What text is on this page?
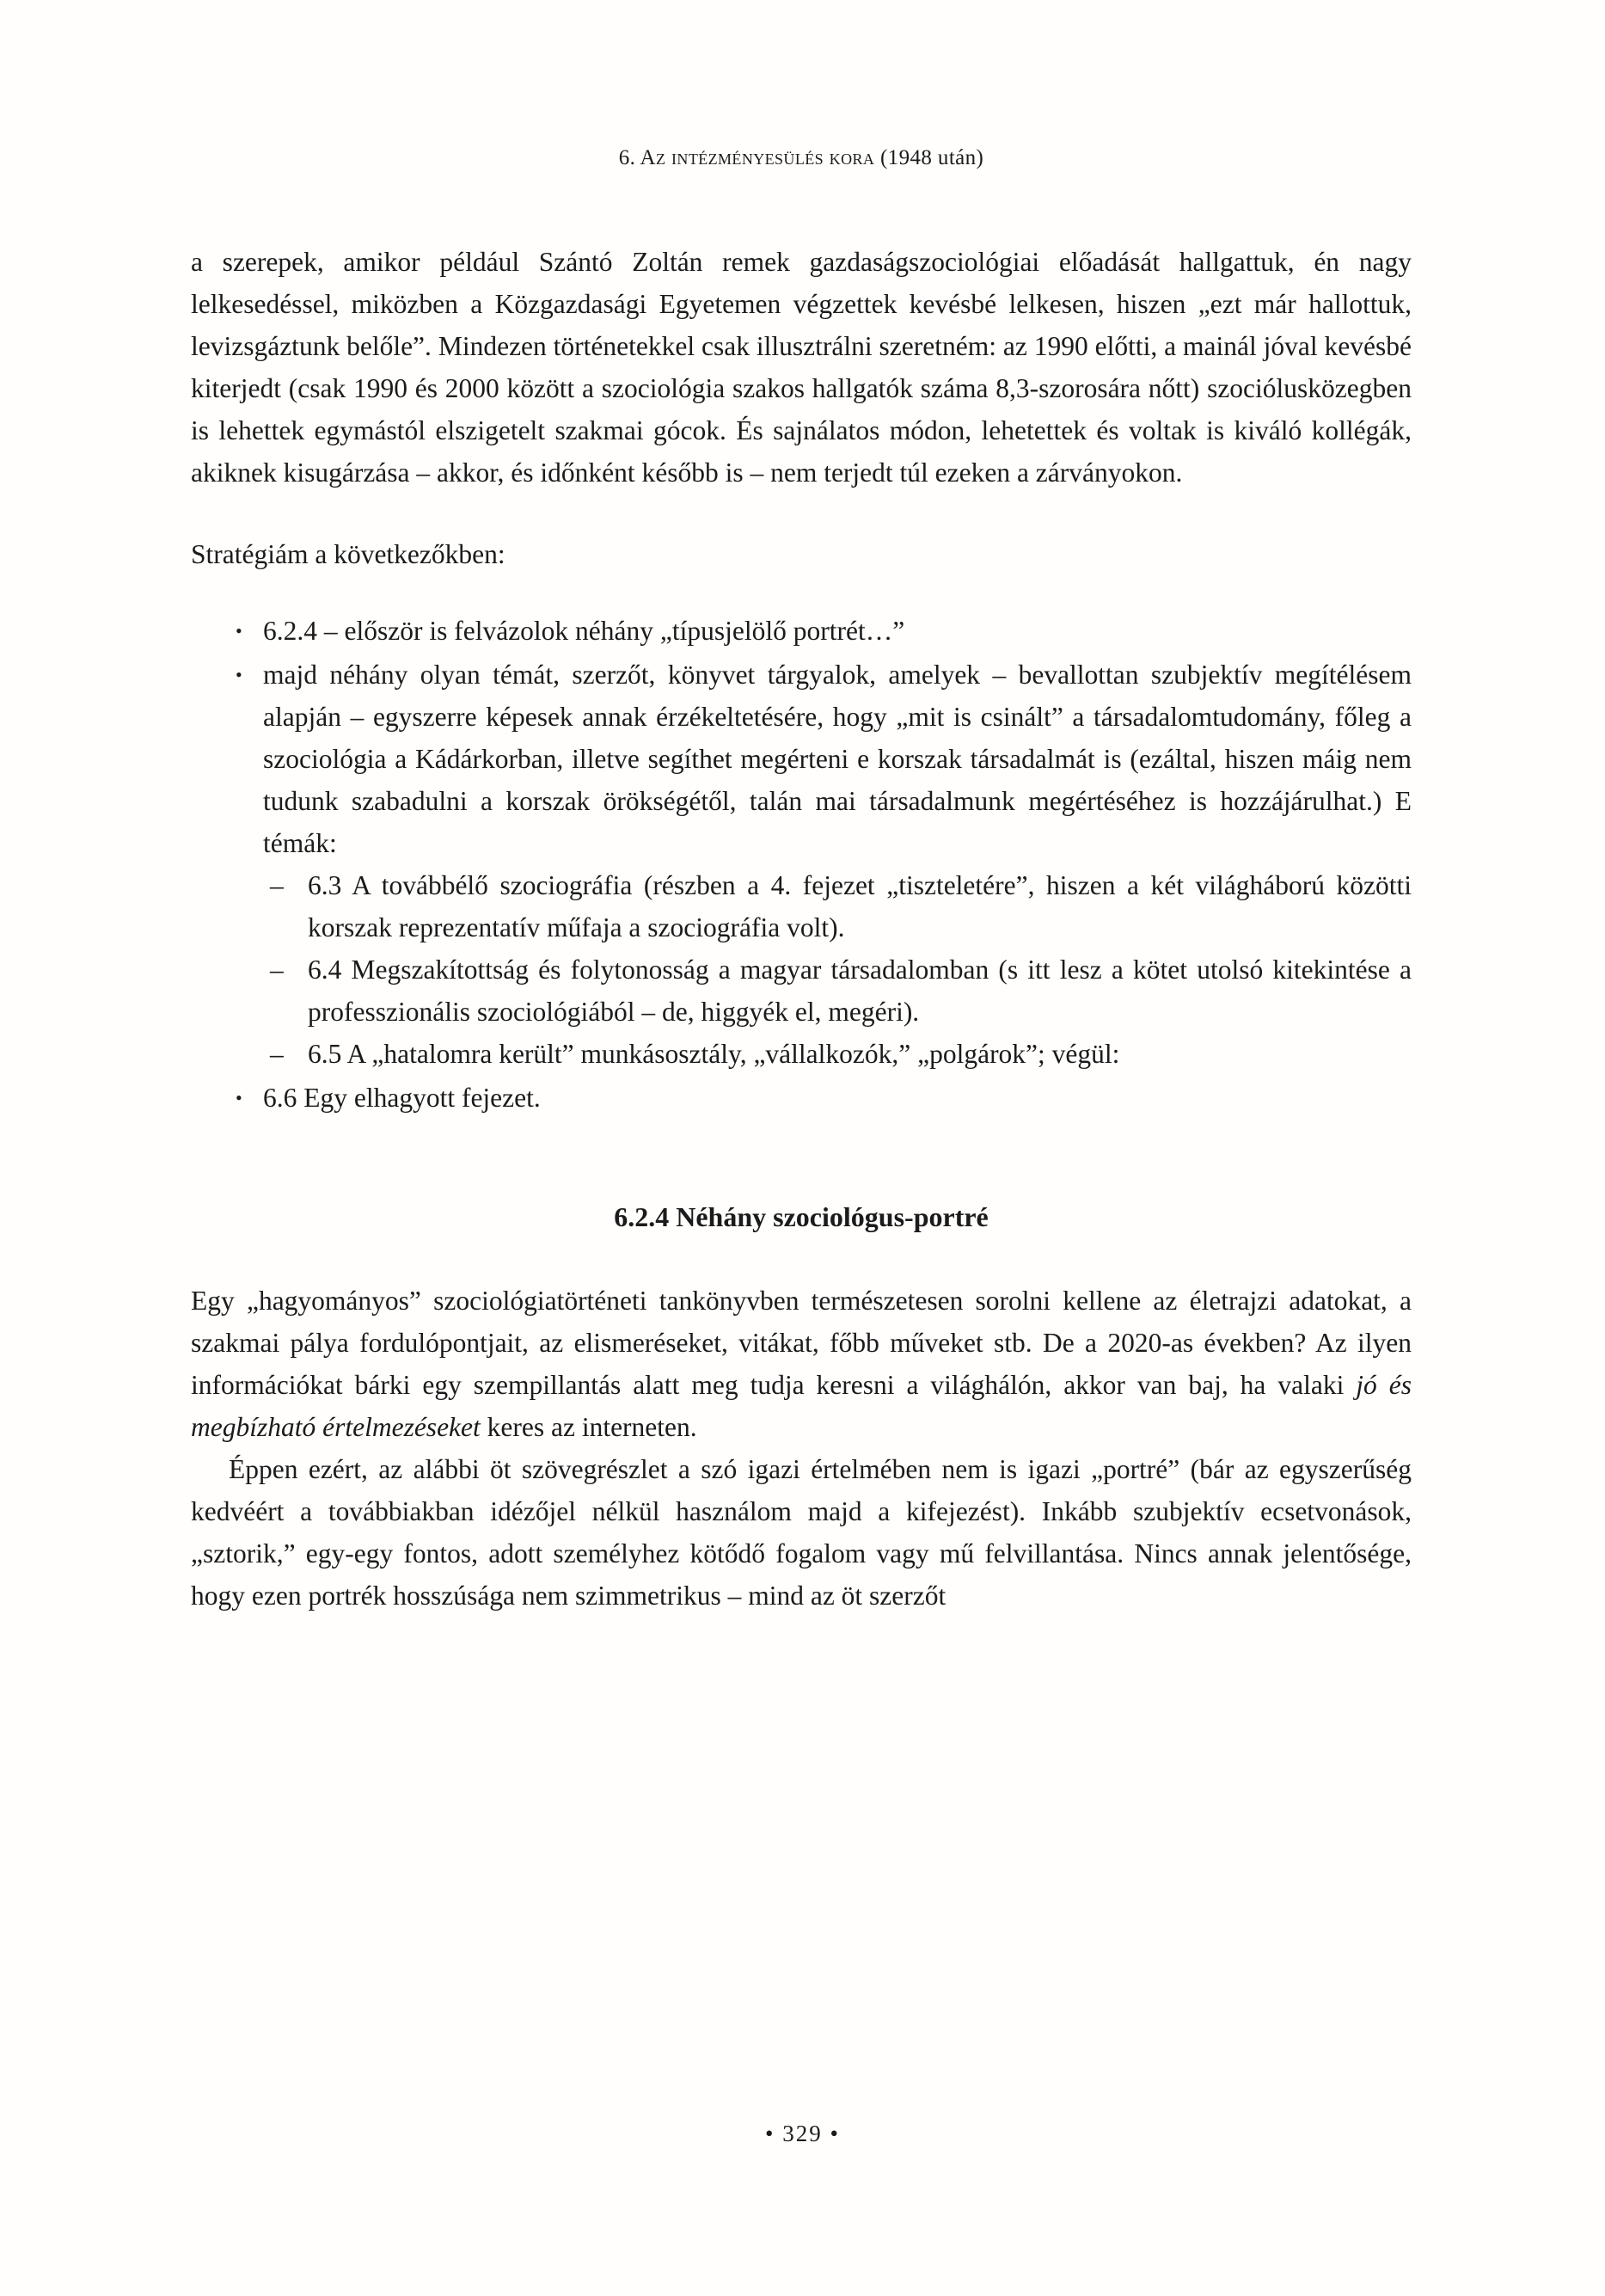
6. Az intézményesülés kora (1948 után)

a szerepek, amikor például Szántó Zoltán remek gazdaságszociológiai előadását hallgattuk, én nagy lelkesedéssel, miközben a Közgazdasági Egyetemen végzettek kevésbé lelkesen, hiszen „ezt már hallottuk, levizsgáztunk belőle”. Mindezen történetekkel csak illusztrálni szeretném: az 1990 előtti, a mainál jóval kevésbé kiterjedt (csak 1990 és 2000 között a szociológia szakos hallgatók száma 8,3-szorosára nőtt) szociólusközegben is lehettek egymástól elszigetelt szakmai gócok. És sajnálatos módon, lehetettek és voltak is kiváló kollégák, akiknek kisugárzása – akkor, és időnként később is – nem terjedt túl ezeken a zárványokon.

Stratégiám a következőkben:

• 6.2.4 – először is felvázolok néhány „típusjelölő portrét…”
• majd néhány olyan témát, szerzőt, könyvet tárgyalok, amelyek – bevallottan szubjektív megítélésem alapján – egyszerre képesek annak érzékeltetésére, hogy „mit is csinált” a társadalomtudomány, főleg a szociológia a Kádárkorban, illetve segíthet megérteni e korszak társadalmát is (ezáltal, hiszen máig nem tudunk szabadulni a korszak örökségétől, talán mai társadalmunk megértéséhez is hozzájárulhat.) E témák:
– 6.3 A továbbélő szociográfia (részben a 4. fejezet „tiszteletére”, hiszen a két világháború közötti korszak reprezentatív műfaja a szociográfia volt).
– 6.4 Megszakítottság és folytonosság a magyar társadalomban (s itt lesz a kötet utolsó kitekintése a professzionális szociológiából – de, higgyék el, megéri).
– 6.5 A „hatalomra került” munkásosztály, „vállalkozók,” „polgárok”; végül:
• 6.6 Egy elhagyott fejezet.
6.2.4 Néhány szociológus-portré

Egy „hagyományos” szociológiatörténeti tankönyvben természetesen sorolni kellene az életrajzi adatokat, a szakmai pálya fordulópontjait, az elismeréseket, vitákat, főbb műveket stb. De a 2020-as években? Az ilyen információkat bárki egy szempillantás alatt meg tudja keresni a világhálón, akkor van baj, ha valaki jó és megbízható értelmezéseket keres az interneten.

Éppen ezért, az alábbi öt szövegrészlet a szó igazi értelmében nem is igazi „portré” (bár az egyszerűség kedvéért a továbbiakban idézőjel nélkül használom majd a kifejezést). Inkább szubjektív ecsetvonások, „sztorik,” egy-egy fontos, adott személyhez kötődő fogalom vagy mű felvillantása. Nincs annak jelentősége, hogy ezen portrék hosszúsága nem szimmetrikus – mind az öt szerzőt

• 329 •
